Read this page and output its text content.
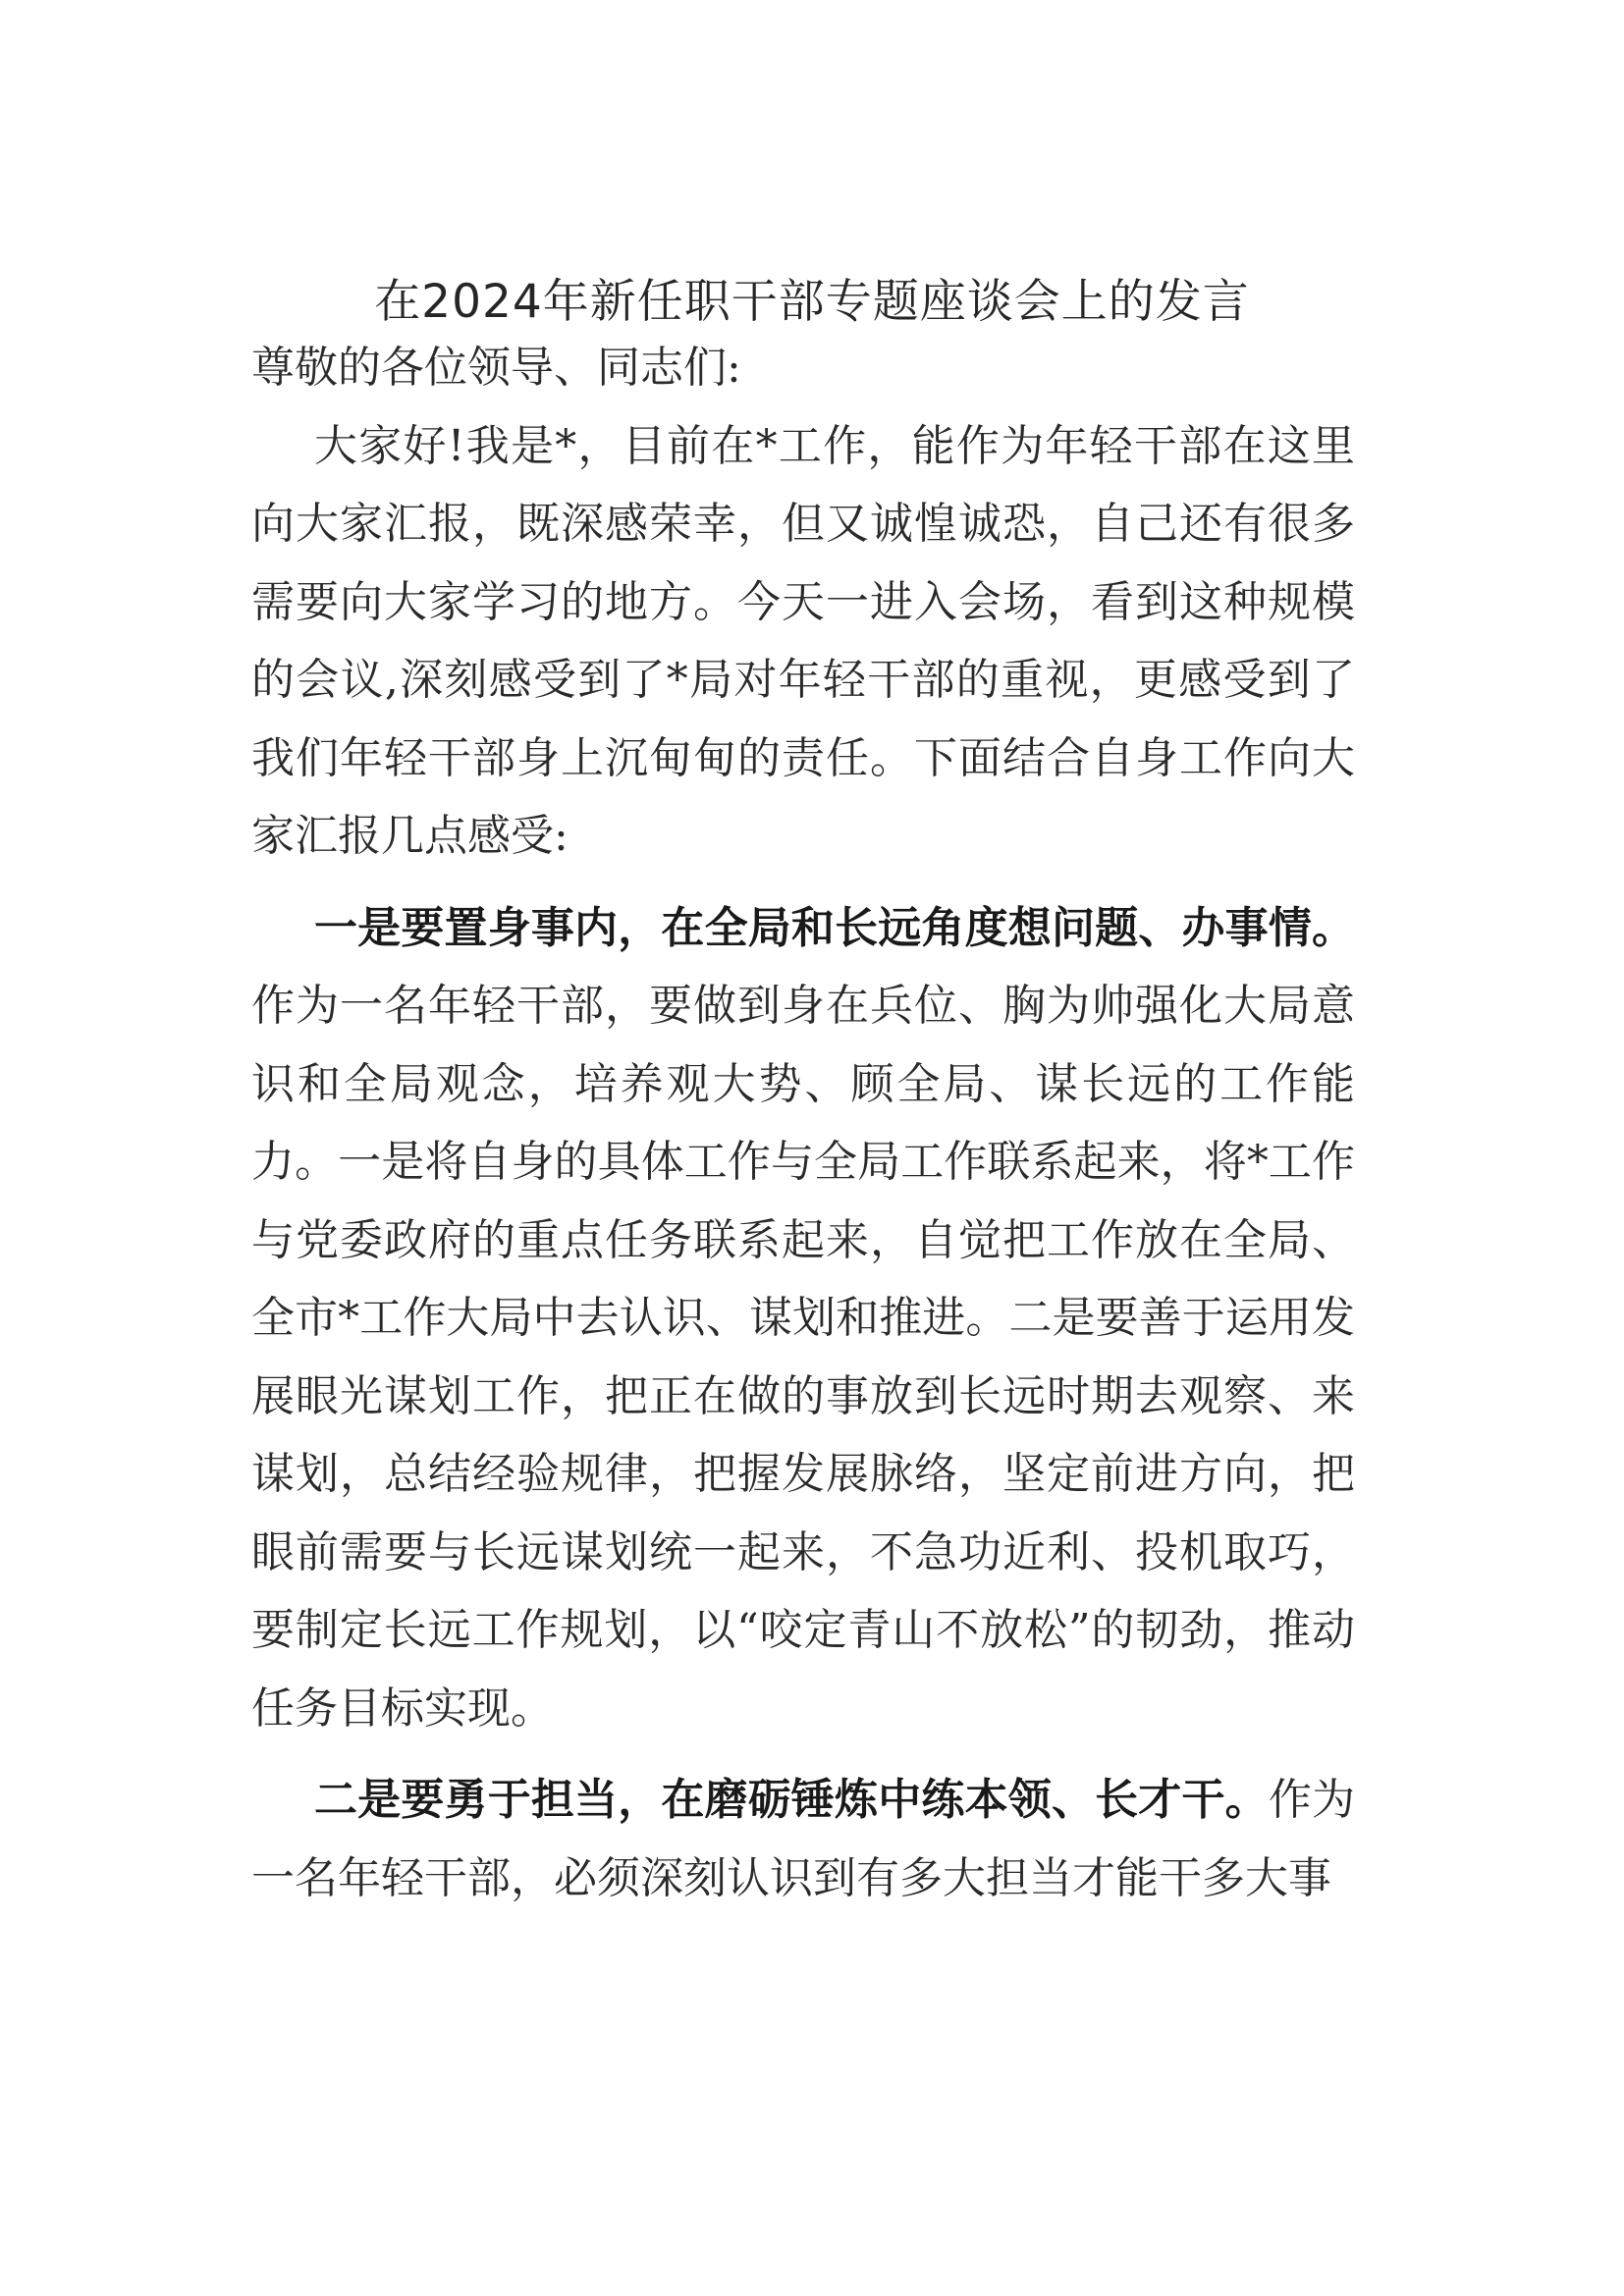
在2024年新任职干部专题座谈会上的发言

尊敬的各位领导、同志们:

大家好!我是*，目前在*工作，能作为年轻干部在这里向大家汇报，既深感荣幸，但又诚惶诚恐，自己还有很多需要向大家学习的地方。今天一进入会场，看到这种规模的会议,深刻感受到了*局对年轻干部的重视，更感受到了我们年轻干部身上沉甸甸的责任。下面结合自身工作向大家汇报几点感受:

一是要置身事内，在全局和长远角度想问题、办事情。作为一名年轻干部，要做到身在兵位、胸为帅强化大局意识和全局观念，培养观大势、顾全局、谋长远的工作能力。一是将自身的具体工作与全局工作联系起来，将*工作与党委政府的重点任务联系起来，自觉把工作放在全局、全市*工作大局中去认识、谋划和推进。二是要善于运用发展眼光谋划工作，把正在做的事放到长远时期去观察、来谋划，总结经验规律，把握发展脉络，坚定前进方向，把眼前需要与长远谋划统一起来，不急功近利、投机取巧，要制定长远工作规划，以“咬定青山不放松”的韧劲，推动任务目标实现。

二是要勇于担当，在磨砺锤炼中练本领、长才干。作为一名年轻干部，必须深刻认识到有多大担当才能干多大事
